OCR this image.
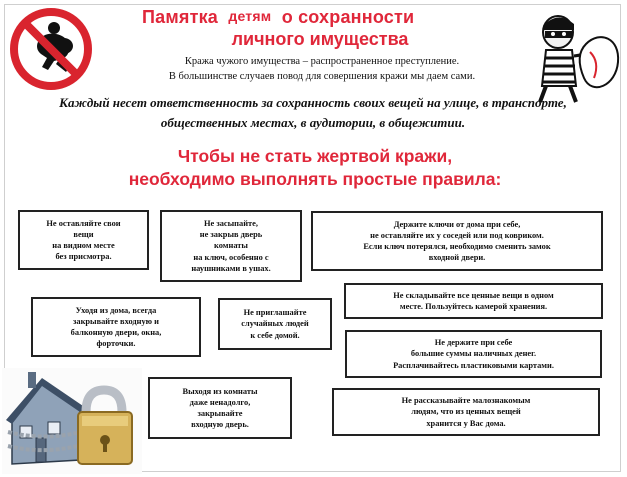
Памятка детям о сохранности
личного имущества
Кража чужого имущества – распространенное преступление.
В большинстве случаев повод для совершения кражи мы даем сами.
Каждый несет ответственность за сохранность своих вещей на улице, в транспорте,
общественных местах, в аудитории, в общежитии.
Чтобы не стать жертвой кражи,
необходимо выполнять простые правила:
Не оставляйте свои
вещи
на видном месте
без присмотра.
Не засыпайте,
не закрыв дверь
комнаты
на ключ, особенно с
наушниками в ушах.
Держите ключи от дома при себе,
не оставляйте их у соседей или под ковриком.
Если ключ потерялся, необходимо сменить замок
входной двери.
Не складывайте все ценные вещи в одном
месте. Пользуйтесь камерой хранения.
Уходя из дома, всегда
закрывайте входную и
балконную двери, окна,
форточки.
Не приглашайте
случайных людей
к себе домой.
Не держите при себе
большие суммы наличных денег.
Расплачивайтесь пластиковыми картами.
Выходя из комнаты
даже ненадолго,
закрывайте
входную дверь.
Не рассказывайте малознакомым
людям, что из ценных вещей
хранится у Вас дома.
